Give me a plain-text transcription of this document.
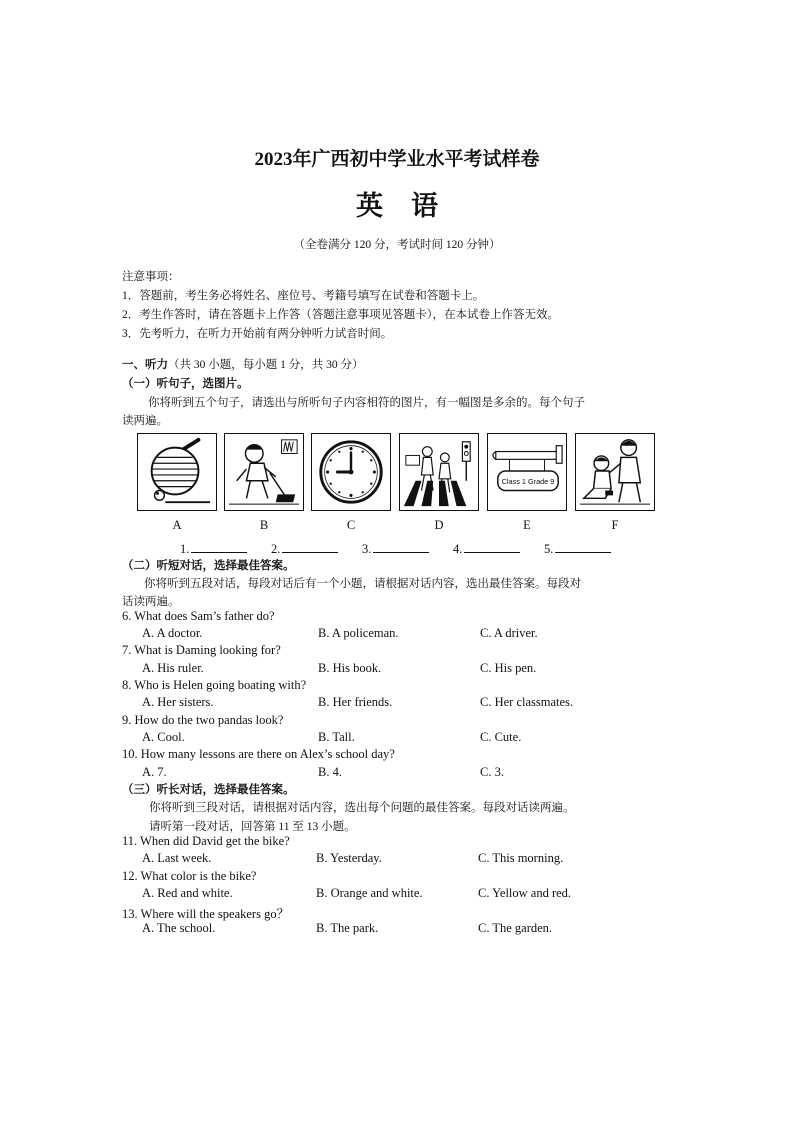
2023年广西初中学业水平考试样卷
英语
（全卷满分 120 分，考试时间 120 分钟）
注意事项：
1．答题前，考生务必将姓名、座位号、考籍号填写在试卷和答题卡上。
2．考生作答时，请在答题卡上作答（答题注意事项见答题卡），在本试卷上作答无效。
3．先考听力，在听力开始前有两分钟听力试音时间。
一、听力（共 30 小题，每小题 1 分，共 30 分）
（一）听句子，选图片。
你将听到五个句子，请选出与所听句子内容相符的图片，有一幅图是多余的。每个句子
读两遍。
Class 1 Grade 9
A	B	C	D	E	F
1.	2.	3.	4.	5.
（二）听短对话，选择最佳答案。
你将听到五段对话，每段对话后有一个小题，请根据对话内容，选出最佳答案。每段对
话读两遍。
6. What does Sam’s father do?
A. A doctor.	B. A policeman.	C. A driver.
7. What is Daming looking for?
A. His ruler.	B. His book.	C. His pen.
8. Who is Helen going boating with?
A. Her sisters.	B. Her friends.	C. Her classmates.
9. How do the two pandas look?
A. Cool.	B. Tall.	C. Cute.
10. How many lessons are there on Alex’s school day?
A. 7.	B. 4.	C. 3.
（三）听长对话，选择最佳答案。
你将听到三段对话，请根据对话内容，选出每个问题的最佳答案。每段对话读两遍。
请听第一段对话，回答第 11 至 13 小题。
11. When did David get the bike?
A. Last week.	B. Yesterday.	C. This morning.
12. What color is the bike?
A. Red and white.	B. Orange and white.	C. Yellow and red.
13. Where will the speakers go？
A. The school.	B. The park.	C. The garden.
